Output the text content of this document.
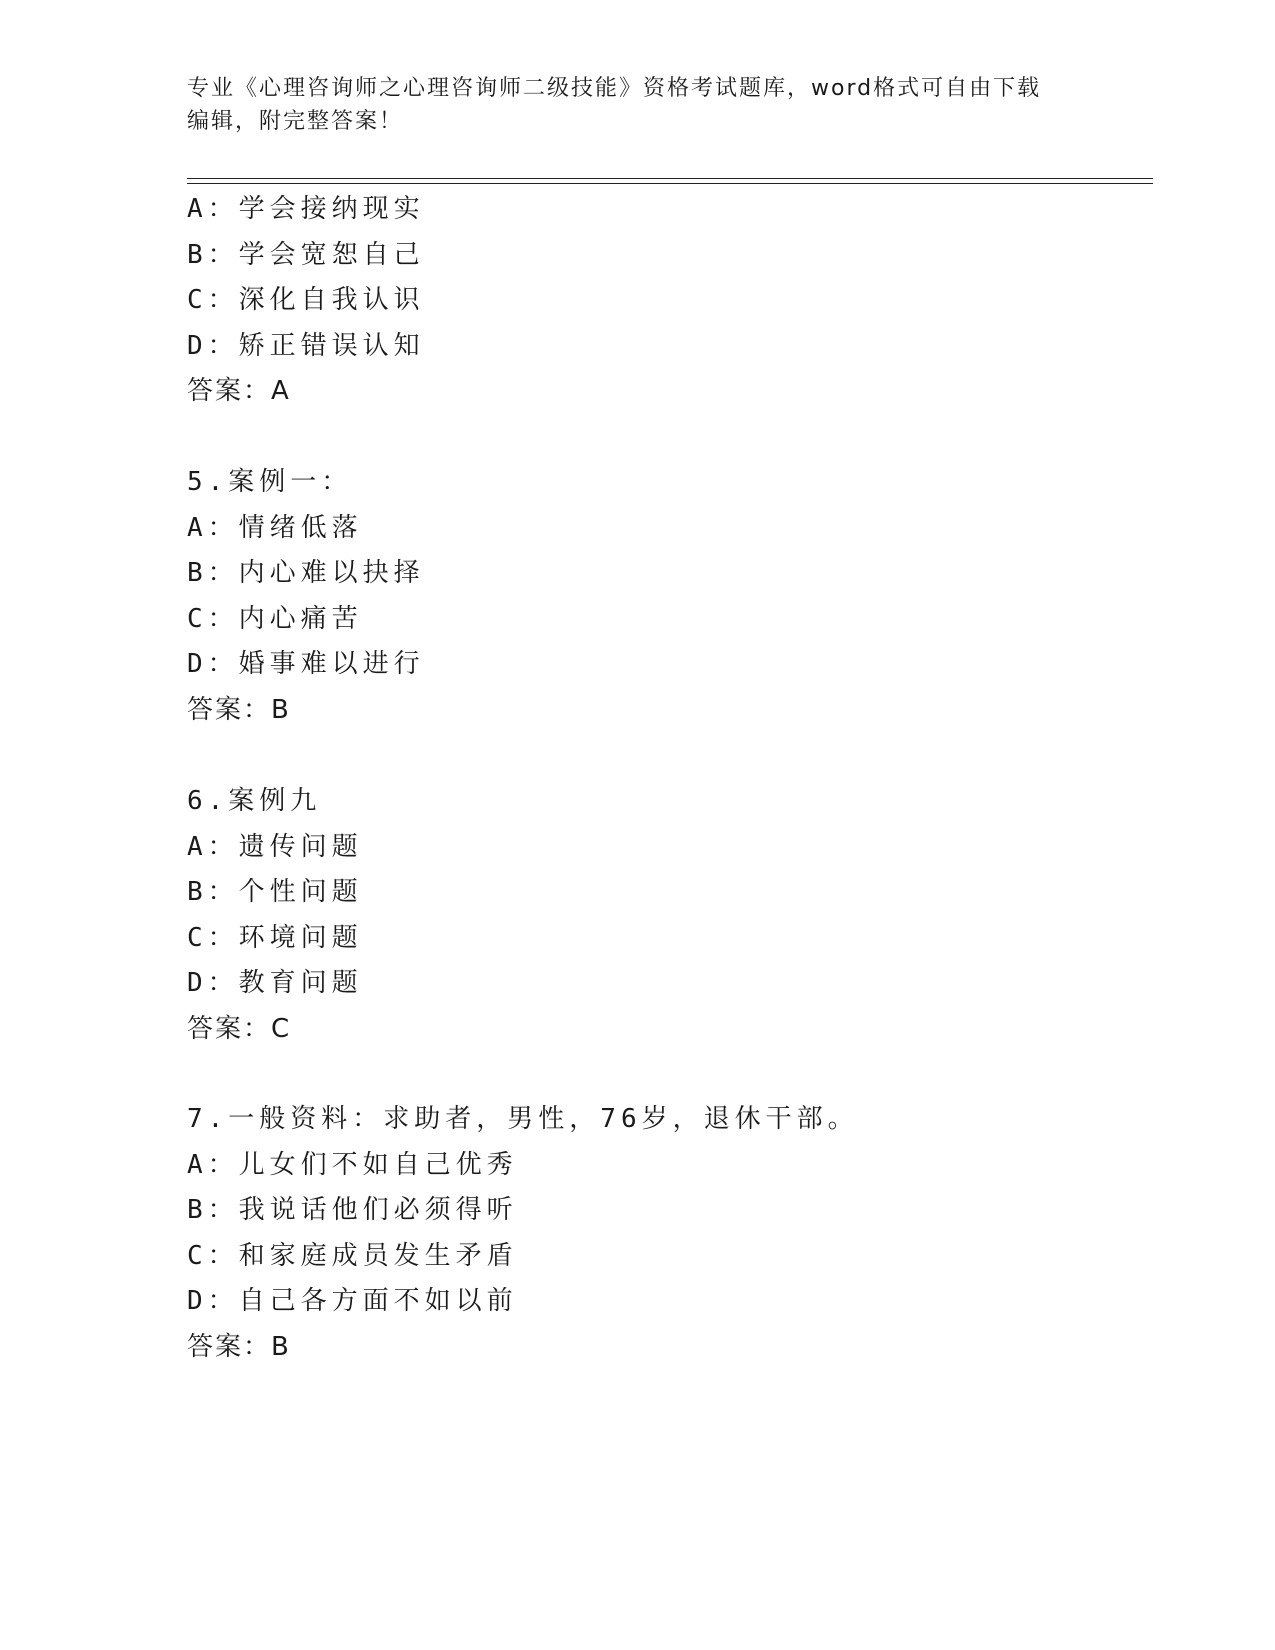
专业《心理咨询师之心理咨询师二级技能》资格考试题库，word格式可自由下载
编辑，附完整答案！
A：学会接纳现实
B：学会宽恕自己
C：深化自我认识
D：矫正错误认知
答案：A
5.案例一：
A：情绪低落
B：内心难以抉择
C：内心痛苦
D：婚事难以进行
答案：B
6.案例九
A：遗传问题
B：个性问题
C：环境问题
D：教育问题
答案：C
7.一般资料：求助者，男性，76岁，退休干部。
A：儿女们不如自己优秀
B：我说话他们必须得听
C：和家庭成员发生矛盾
D：自己各方面不如以前
答案：B
